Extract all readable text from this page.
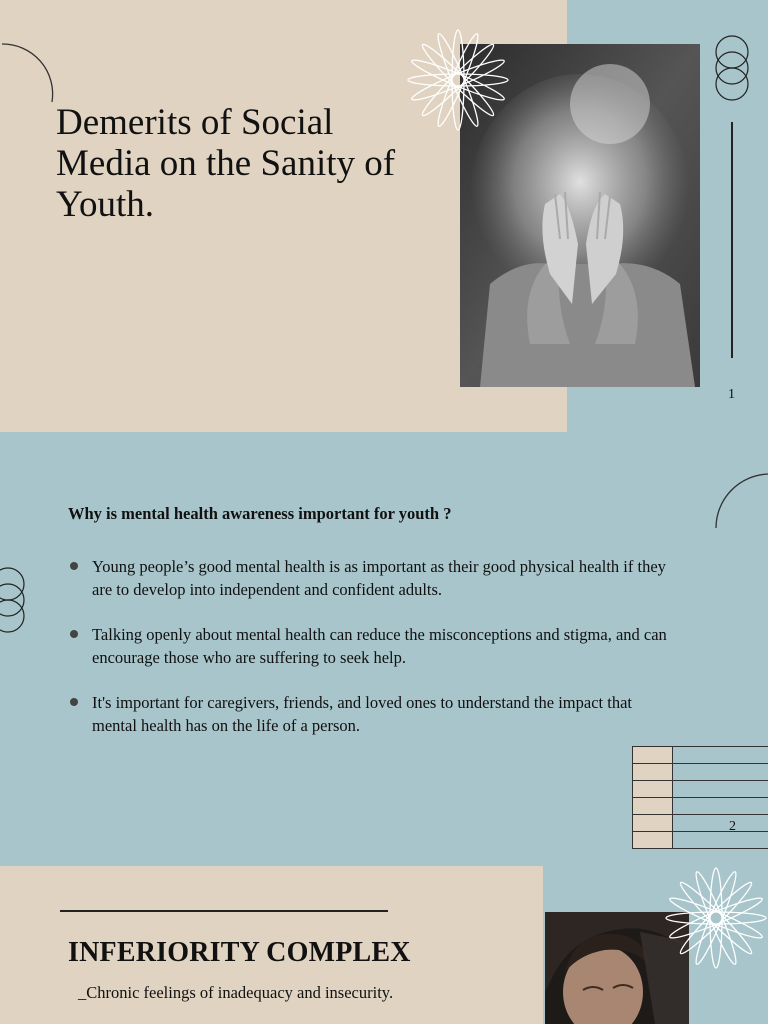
Demerits of Social Media on the Sanity of Youth.
1

Why is mental health awareness important for youth ?

Young people’s good mental health is as important as their good physical health if they are to develop into independent and confident adults.
Talking openly about mental health can reduce the misconceptions and stigma, and can encourage those who are suffering to seek help.
It's important for caregivers, friends, and loved ones to understand the impact that mental health has on the life of a person.
2
INFERIORITY COMPLEX

_Chronic feelings of inadequacy and insecurity.
